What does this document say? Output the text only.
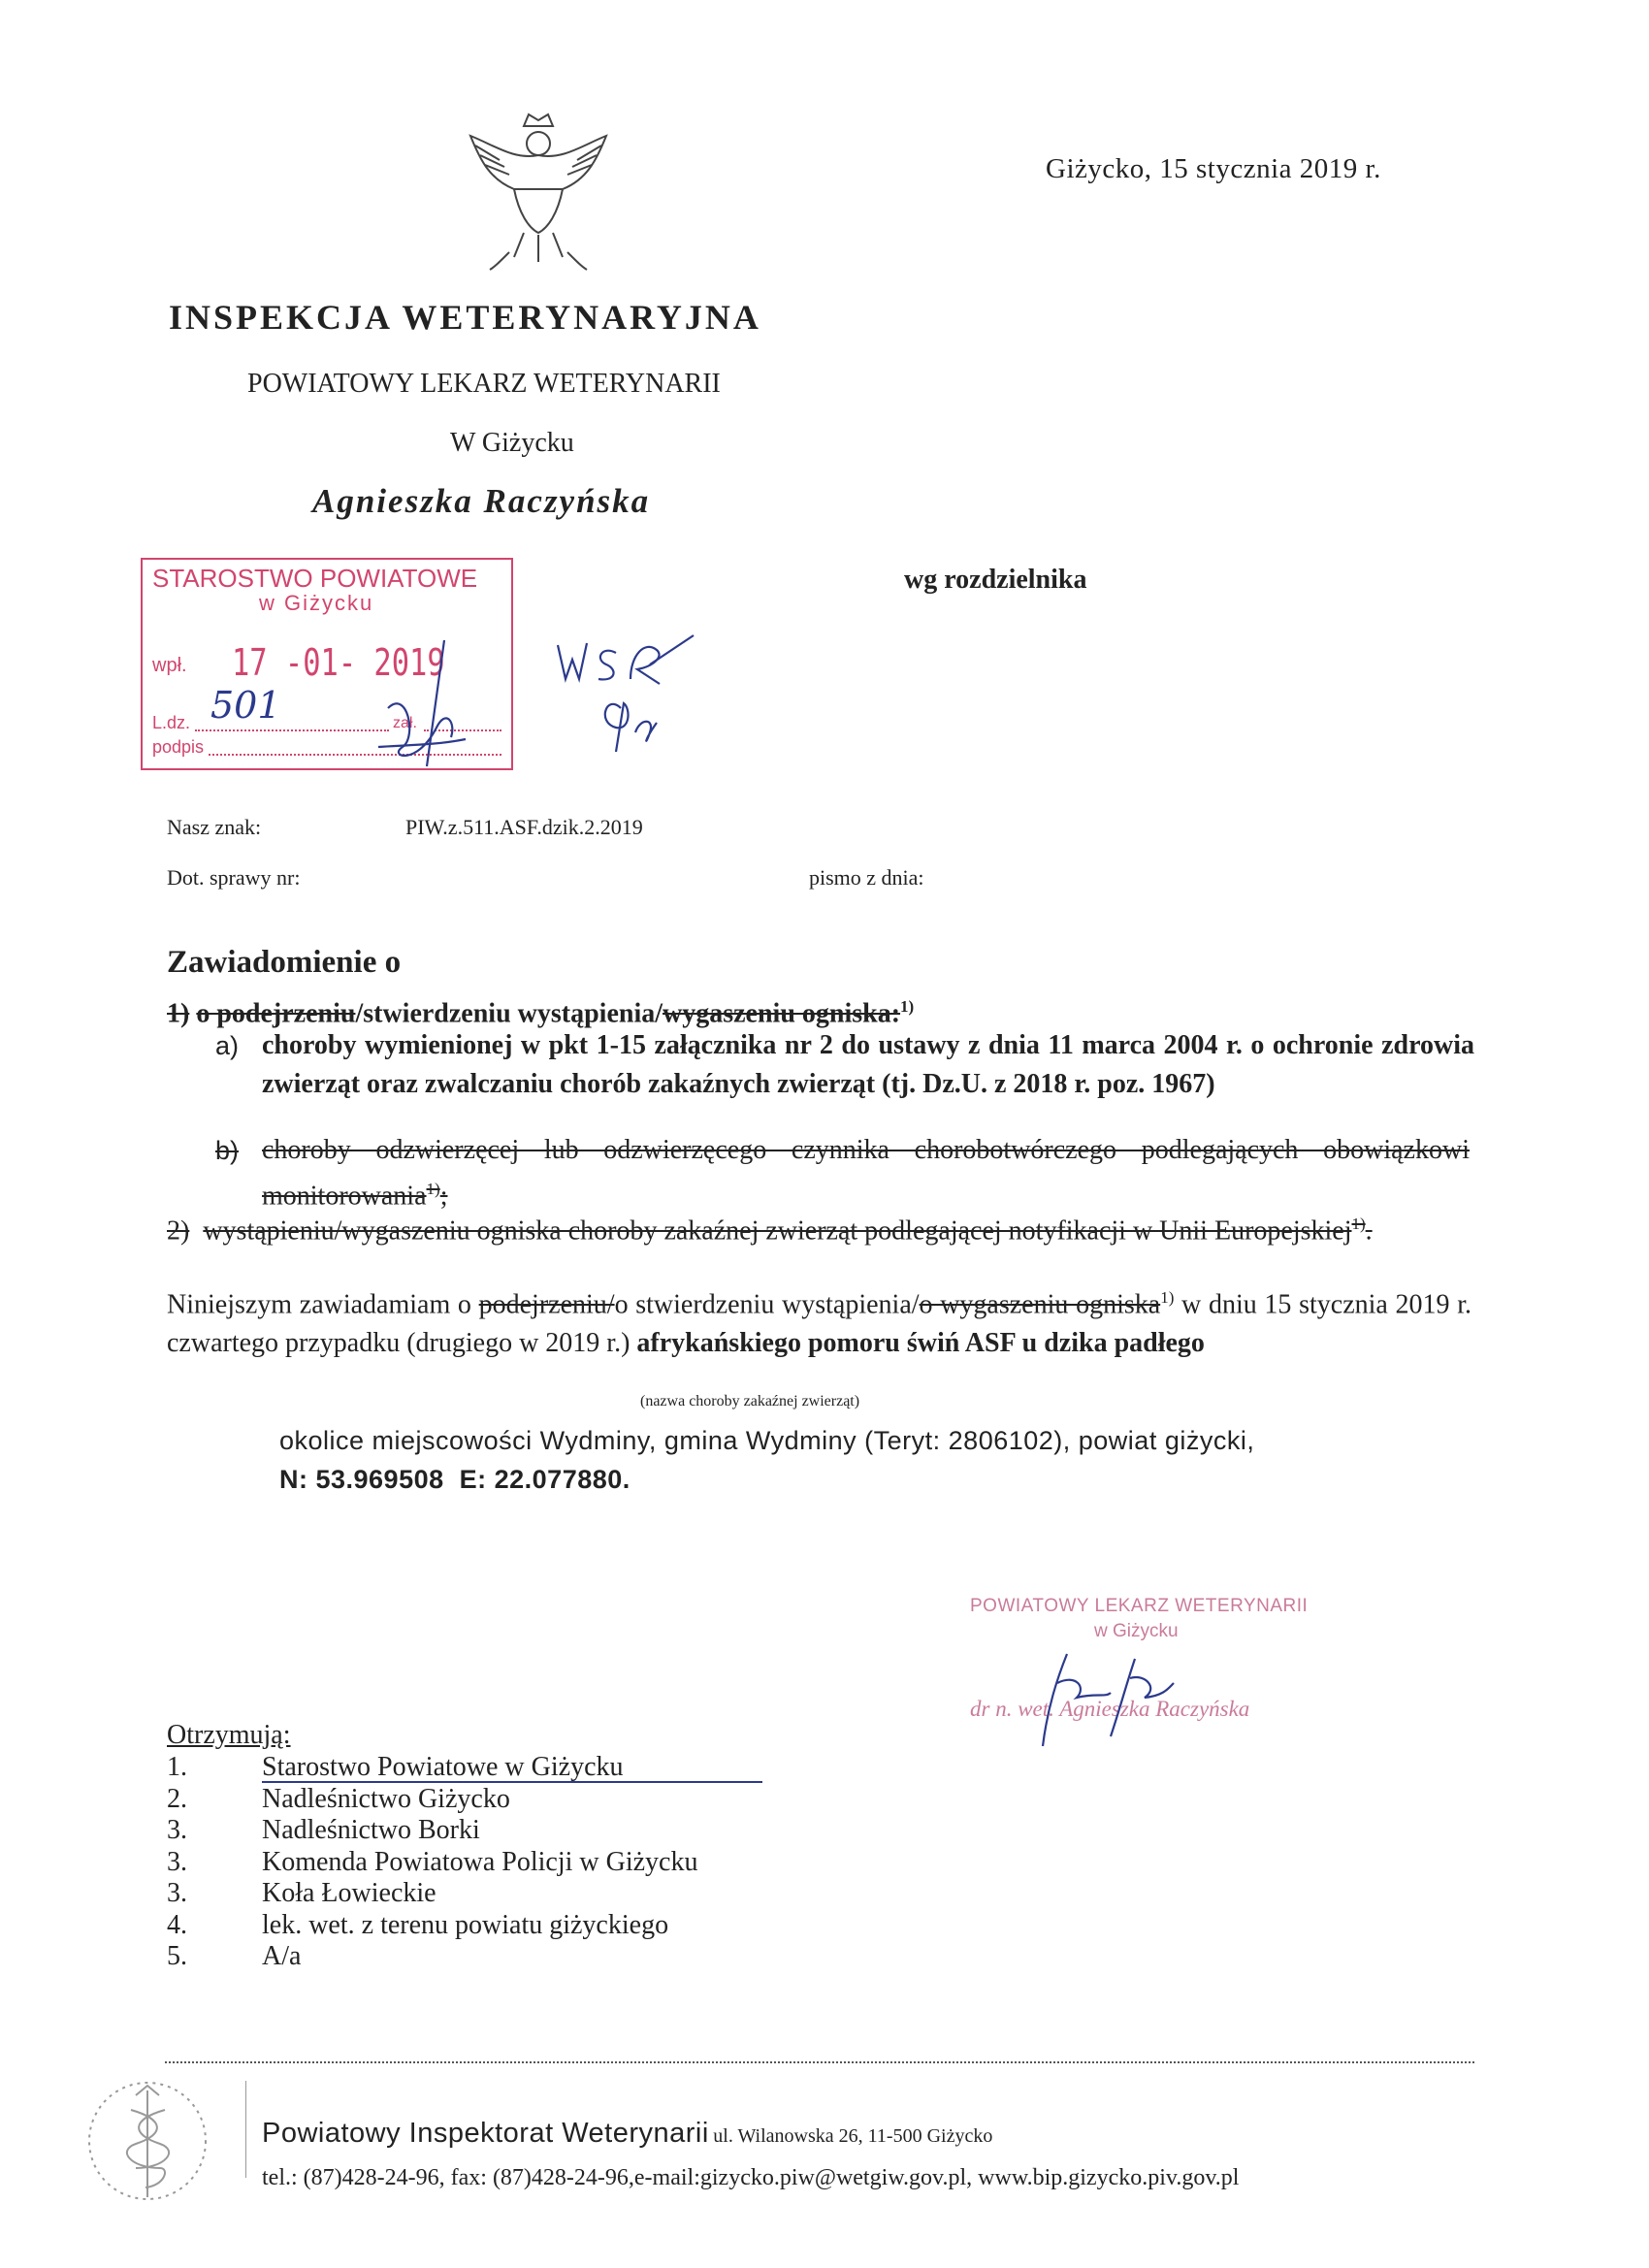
Giżycko, 15 stycznia 2019 r.
INSPEKCJA WETERYNARYJNA
POWIATOWY LEKARZ WETERYNARII
W Giżycku
Agnieszka Raczyńska
wg rozdzielnika
STAROSTWO POWIATOWE
w Giżycku
wpł. 17 -01- 2019
L.dz. 501	zał.
podpis
Nasz znak:	PIW.z.511.ASF.dzik.2.2019
Dot. sprawy nr:	pismo z dnia:
Zawiadomienie o
1) o podejrzeniu/stwierdzeniu wystąpienia/wygaszeniu ogniska:$^{1)}$
a) choroby wymienionej w pkt 1-15 załącznika nr 2 do ustawy z dnia 11 marca 2004 r. o ochronie zdrowia zwierząt oraz zwalczaniu chorób zakaźnych zwierząt (tj. Dz.U. z 2018 r. poz. 1967)
b) choroby odzwierzęcej lub odzwierzęcego czynnika chorobotwórczego podlegających obowiązkowi monitorowania$^{1)}$;
2) wystąpieniu/wygaszeniu ogniska choroby zakaźnej zwierząt podlegającej notyfikacji w Unii Europejskiej$^{1)}$.
Niniejszym zawiadamiam o podejrzeniu/o stwierdzeniu wystąpienia/o wygaszeniu ogniska$^{1)}$ w dniu 15 stycznia 2019 r. czwartego przypadku (drugiego w 2019 r.) afrykańskiego pomoru świń ASF u dzika padłego
(nazwa choroby zakaźnej zwierząt)
okolice miejscowości Wydminy, gmina Wydminy (Teryt: 2806102), powiat giżycki,
N: 53.969508  E: 22.077880.
POWIATOWY LEKARZ WETERYNARII
w Giżycku
dr n. wet. Agnieszka Raczyńska
Otrzymują:
1.	Starostwo Powiatowe w Giżycku
2.	Nadleśnictwo Giżycko
3.	Nadleśnictwo Borki
3.	Komenda Powiatowa Policji w Giżycku
3.	Koła Łowieckie
4.	lek. wet. z terenu powiatu giżyckiego
5.	A/a
Powiatowy Inspektorat Weterynarii ul. Wilanowska 26, 11-500 Giżycko
tel.: (87)428-24-96, fax: (87)428-24-96,e-mail:gizycko.piw@wetgiw.gov.pl, www.bip.gizycko.piv.gov.pl
